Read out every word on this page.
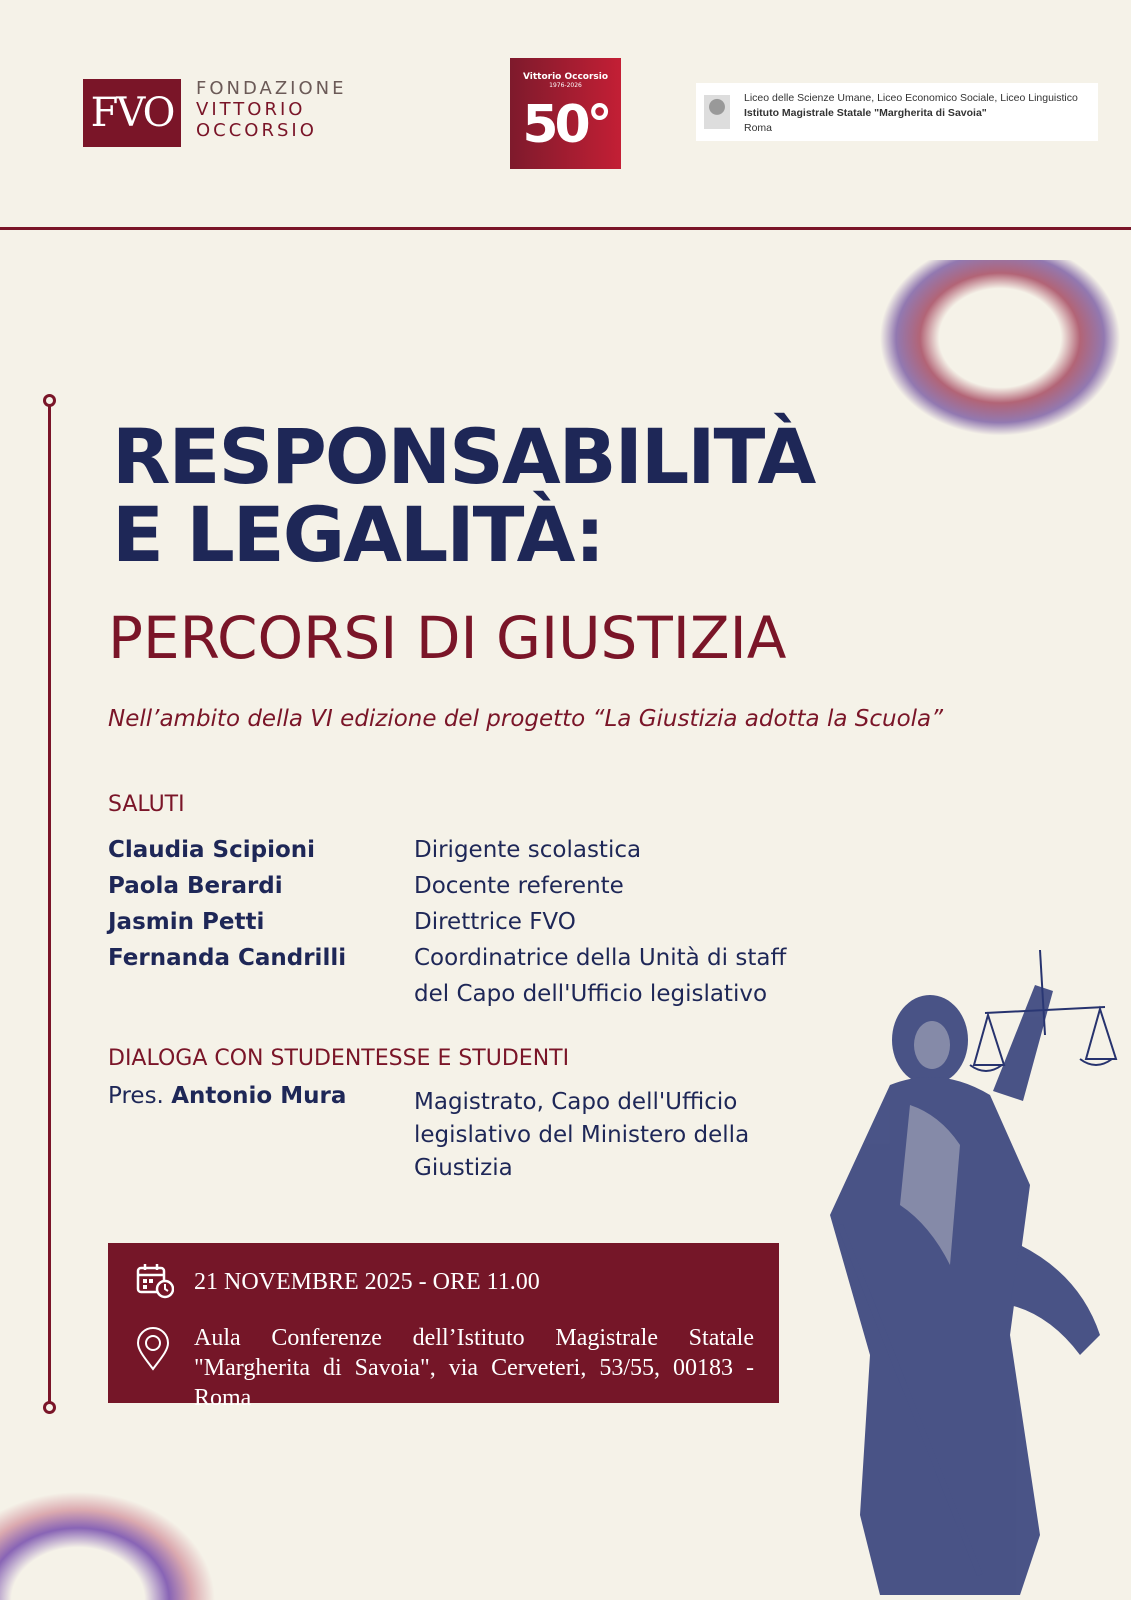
FVO
FONDAZIONE
VITTORIO
OCCORSIO
Vittorio Occorsio
1976-2026
50°	Liceo delle Scienze Umane, Liceo Economico Sociale, Liceo Linguistico
Istituto Magistrale Statale "Margherita di Savoia"
Roma
RESPONSABILITÀ
E LEGALITÀ:
PERCORSI DI GIUSTIZIA
Nell’ambito della VI edizione del progetto “La Giustizia adotta la Scuola”
SALUTI
Claudia Scipioni	Dirigente scolastica
Paola Berardi	Docente referente
Jasmin Petti	Direttrice FVO
Fernanda Candrilli	Coordinatrice della Unità di staff
del Capo dell'Ufficio legislativo
DIALOGA CON STUDENTESSE E STUDENTI
Pres. Antonio Mura	Magistrato, Capo dell'Ufficio
legislativo del Ministero della
Giustizia
21 NOVEMBRE 2025 - ORE 11.00
Aula Conferenze dell’Istituto Magistrale Statale
"Margherita di Savoia", via Cerveteri, 53/55, 00183 - Roma
